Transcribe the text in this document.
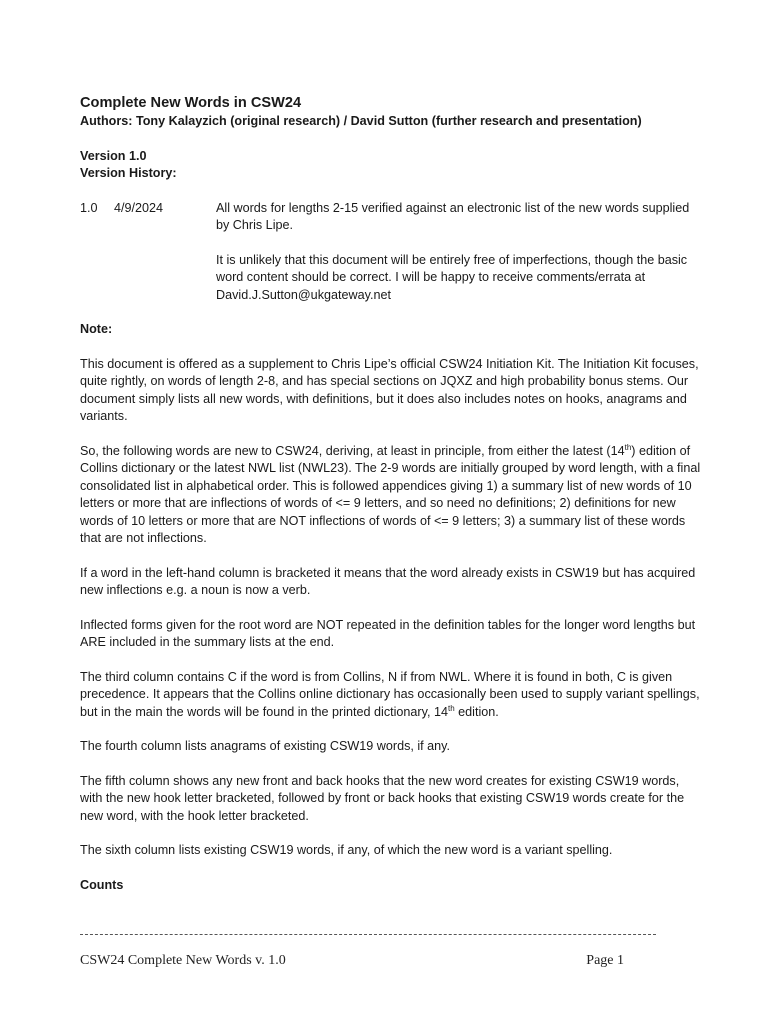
Complete New Words in CSW24

Authors: Tony Kalayzich (original research) / David Sutton (further research and presentation)

Version 1.0

Version History:

1.0	4/9/2024	All words for lengths 2-15 verified against an electronic list of the new words supplied by Chris Lipe.

It is unlikely that this document will be entirely free of imperfections, though the basic word content should be correct. I will be happy to receive comments/errata at David.J.Sutton@ukgateway.net

Note:

This document is offered as a supplement to Chris Lipe’s official CSW24 Initiation Kit. The Initiation Kit focuses, quite rightly, on words of length 2-8, and has special sections on JQXZ and high probability bonus stems. Our document simply lists all new words, with definitions, but it does also includes notes on hooks, anagrams and variants.

So, the following words are new to CSW24, deriving, at least in principle, from either the latest (14th) edition of Collins dictionary or the latest NWL list (NWL23). The 2-9 words are initially grouped by word length, with a final consolidated list in alphabetical order. This is followed appendices giving 1) a summary list of new words of 10 letters or more that are inflections of words of <= 9 letters, and so need no definitions; 2) definitions for new words of 10 letters or more that are NOT inflections of words of <= 9 letters; 3) a summary list of these words that are not inflections.

If a word in the left-hand column is bracketed it means that the word already exists in CSW19 but has acquired new inflections e.g. a noun is now a verb.

Inflected forms given for the root word are NOT repeated in the definition tables for the longer word lengths but ARE included in the summary lists at the end.

The third column contains C if the word is from Collins, N if from NWL. Where it is found in both, C is given precedence. It appears that the Collins online dictionary has occasionally been used to supply variant spellings, but in the main the words will be found in the printed dictionary, 14th edition.

The fourth column lists anagrams of existing CSW19 words, if any.

The fifth column shows any new front and back hooks that the new word creates for existing CSW19 words, with the new hook letter bracketed, followed by front or back hooks that existing CSW19 words create for the new word, with the hook letter bracketed.

The sixth column lists existing CSW19 words, if any, of which the new word is a variant spelling.

Counts

CSW24 Complete New Words v. 1.0	Page 1
